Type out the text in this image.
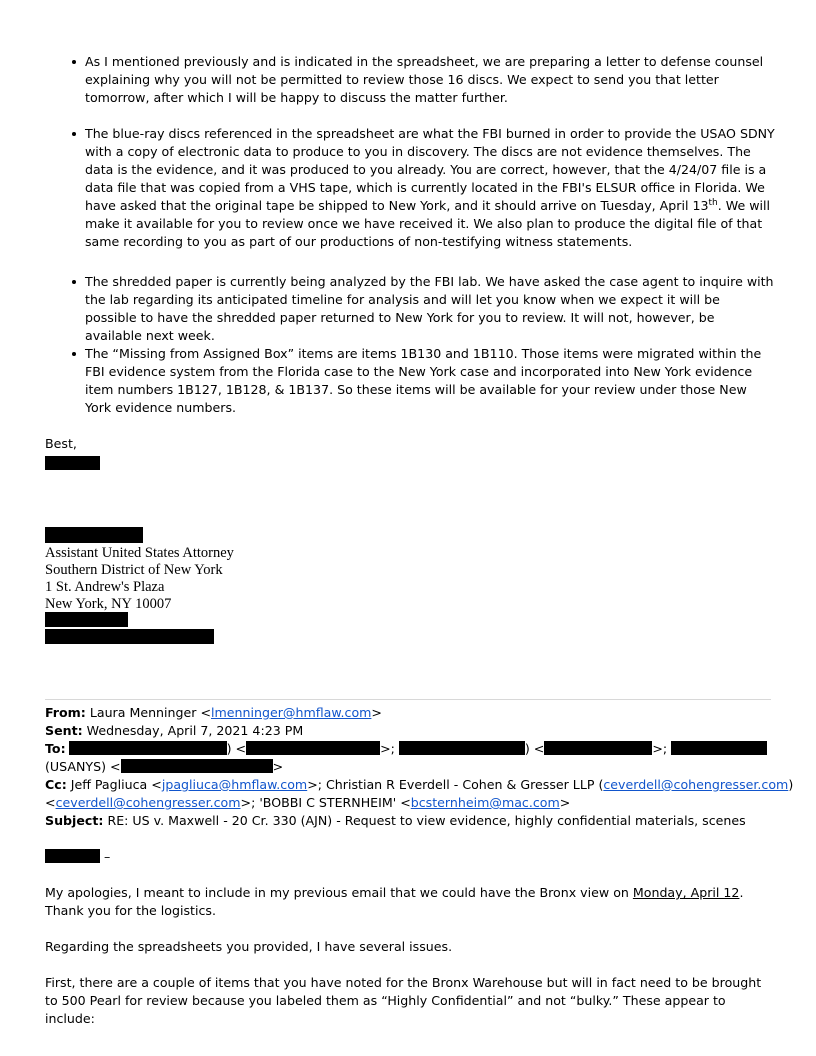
As I mentioned previously and is indicated in the spreadsheet, we are preparing a letter to defense counsel explaining why you will not be permitted to review those 16 discs. We expect to send you that letter tomorrow, after which I will be happy to discuss the matter further.
The blue-ray discs referenced in the spreadsheet are what the FBI burned in order to provide the USAO SDNY with a copy of electronic data to produce to you in discovery. The discs are not evidence themselves. The data is the evidence, and it was produced to you already. You are correct, however, that the 4/24/07 file is a data file that was copied from a VHS tape, which is currently located in the FBI's ELSUR office in Florida. We have asked that the original tape be shipped to New York, and it should arrive on Tuesday, April 13th. We will make it available for you to review once we have received it. We also plan to produce the digital file of that same recording to you as part of our productions of non-testifying witness statements.
The shredded paper is currently being analyzed by the FBI lab. We have asked the case agent to inquire with the lab regarding its anticipated timeline for analysis and will let you know when we expect it will be possible to have the shredded paper returned to New York for you to review. It will not, however, be available next week.
The “Missing from Assigned Box” items are items 1B130 and 1B110. Those items were migrated within the FBI evidence system from the Florida case to the New York case and incorporated into New York evidence item numbers 1B127, 1B128, & 1B137. So these items will be available for your review under those New York evidence numbers.
Best,
Assistant United States Attorney
Southern District of New York
1 St. Andrew's Plaza
New York, NY 10007
From: Laura Menninger <lmenninger@hmflaw.com>
Sent: Wednesday, April 7, 2021 4:23 PM
To:	) <	>;	) <	>;
(USANYS) <	>
Cc: Jeff Pagliuca <jpagliuca@hmflaw.com>; Christian R Everdell - Cohen & Gresser LLP (ceverdell@cohengresser.com)
<ceverdell@cohengresser.com>; 'BOBBI C STERNHEIM' <bcsternheim@mac.com>
Subject: RE: US v. Maxwell - 20 Cr. 330 (AJN) - Request to view evidence, highly confidential materials, scenes
–
My apologies, I meant to include in my previous email that we could have the Bronx view on Monday, April 12. Thank you for the logistics.
Regarding the spreadsheets you provided, I have several issues.
First, there are a couple of items that you have noted for the Bronx Warehouse but will in fact need to be brought to 500 Pearl for review because you labeled them as “Highly Confidential” and not “bulky.” These appear to include:
